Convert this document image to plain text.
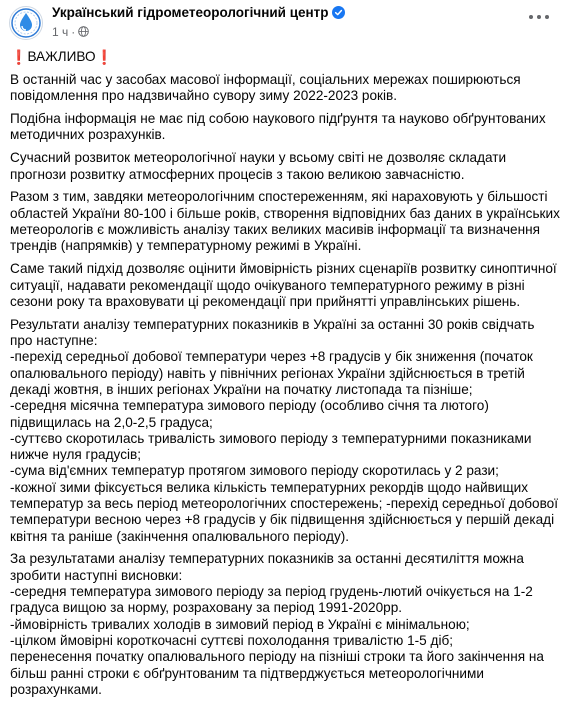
Український гідрометеорологічний центр
1 ч ·

❗ ВАЖЛИВО ❗

В останній час у засобах масової інформації, соціальних мережах поширюються повідомлення про надзвичайно сувору зиму 2022-2023 років.

Подібна інформація не має під собою наукового підґрунтя та науково обґрунтованих методичних розрахунків.

Сучасний розвиток метеорологічної науки у всьому світі не дозволяє складати прогнози розвитку атмосферних процесів з такою великою завчасністю.

Разом з тим, завдяки метеорологічним спостереженням, які нараховують у більшості областей України 80-100 і більше років, створення відповідних баз даних в українських метеорологів є можливість аналізу таких великих масивів інформації та визначення трендів (напрямків) у температурному режимі в Україні.

Саме такий підхід дозволяє оцінити ймовірність різних сценаріїв розвитку синоптичної ситуації, надавати рекомендації щодо очікуваного температурного режиму в різні сезони року та враховувати ці рекомендації при прийнятті управлінських рішень.

Результати аналізу температурних показників в Україні за останні 30 років свідчать про наступне:
-перехід середньої добової температури через +8 градусів у бік зниження (початок опалювального періоду) навіть у північних регіонах України здійснюється в третій декаді жовтня, в інших регіонах України на початку листопада та пізніше;
-середня місячна температура зимового періоду (особливо січня та лютого) підвищилась на 2,0-2,5 градуса;
-суттєво скоротилась тривалість зимового періоду з температурними показниками нижче нуля градусів;
-сума від'ємних температур протягом зимового періоду скоротилась у 2 рази;
-кожної зими фіксується велика кількість температурних рекордів щодо найвищих температур за весь період метеорологічних спостережень; -перехід середньої добової температури весною через +8 градусів у бік підвищення здійснюється у першій декаді квітня та раніше (закінчення опалювального періоду).

За результатами аналізу температурних показників за останні десятиліття можна зробити наступні висновки:
-середня температура зимового періоду за період грудень-лютий очікується на 1-2 градуса вищою за норму, розраховану за період 1991-2020рр.
-ймовірність тривалих холодів в зимовий період в Україні є мінімальною;
-цілком ймовірні короткочасні суттєві похолодання тривалістю 1-5 діб;
перенесення початку опалювального періоду на пізніші строки та його закінчення на більш ранні строки є обґрунтованим та підтверджується метеорологічними розрахунками.
